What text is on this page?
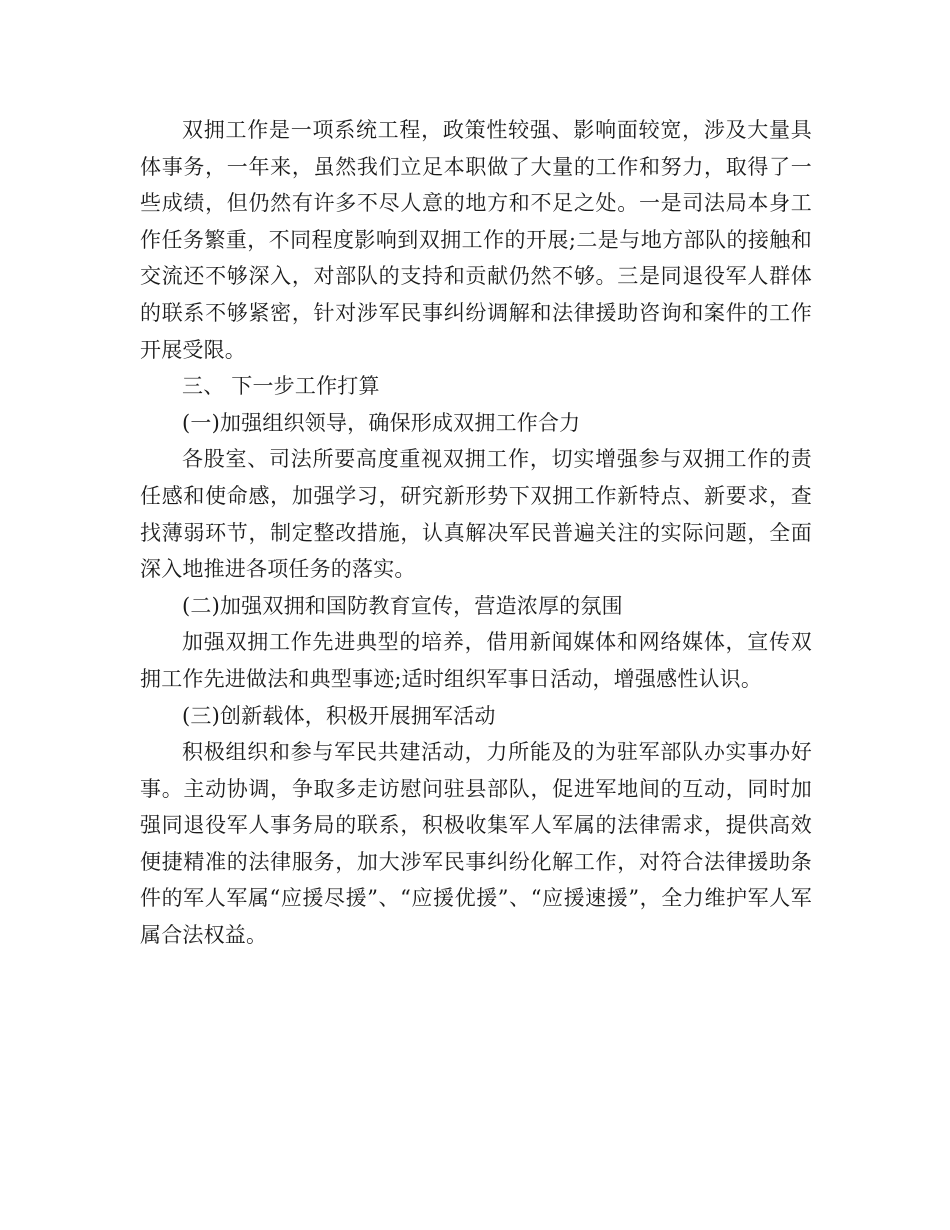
双拥工作是一项系统工程，政策性较强、影响面较宽，涉及大量具体事务，一年来，虽然我们立足本职做了大量的工作和努力，取得了一些成绩，但仍然有许多不尽人意的地方和不足之处。一是司法局本身工作任务繁重，不同程度影响到双拥工作的开展;二是与地方部队的接触和交流还不够深入，对部队的支持和贡献仍然不够。三是同退役军人群体的联系不够紧密，针对涉军民事纠纷调解和法律援助咨询和案件的工作开展受限。

三、 下一步工作打算

(一)加强组织领导，确保形成双拥工作合力

各股室、司法所要高度重视双拥工作，切实增强参与双拥工作的责任感和使命感，加强学习，研究新形势下双拥工作新特点、新要求，查找薄弱环节，制定整改措施，认真解决军民普遍关注的实际问题，全面深入地推进各项任务的落实。

(二)加强双拥和国防教育宣传，营造浓厚的氛围

加强双拥工作先进典型的培养，借用新闻媒体和网络媒体，宣传双拥工作先进做法和典型事迹;适时组织军事日活动，增强感性认识。

(三)创新载体，积极开展拥军活动

积极组织和参与军民共建活动，力所能及的为驻军部队办实事办好事。主动协调，争取多走访慰问驻县部队，促进军地间的互动，同时加强同退役军人事务局的联系，积极收集军人军属的法律需求，提供高效便捷精准的法律服务，加大涉军民事纠纷化解工作，对符合法律援助条件的军人军属“应援尽援”、“应援优援”、“应援速援”，全力维护军人军属合法权益。
